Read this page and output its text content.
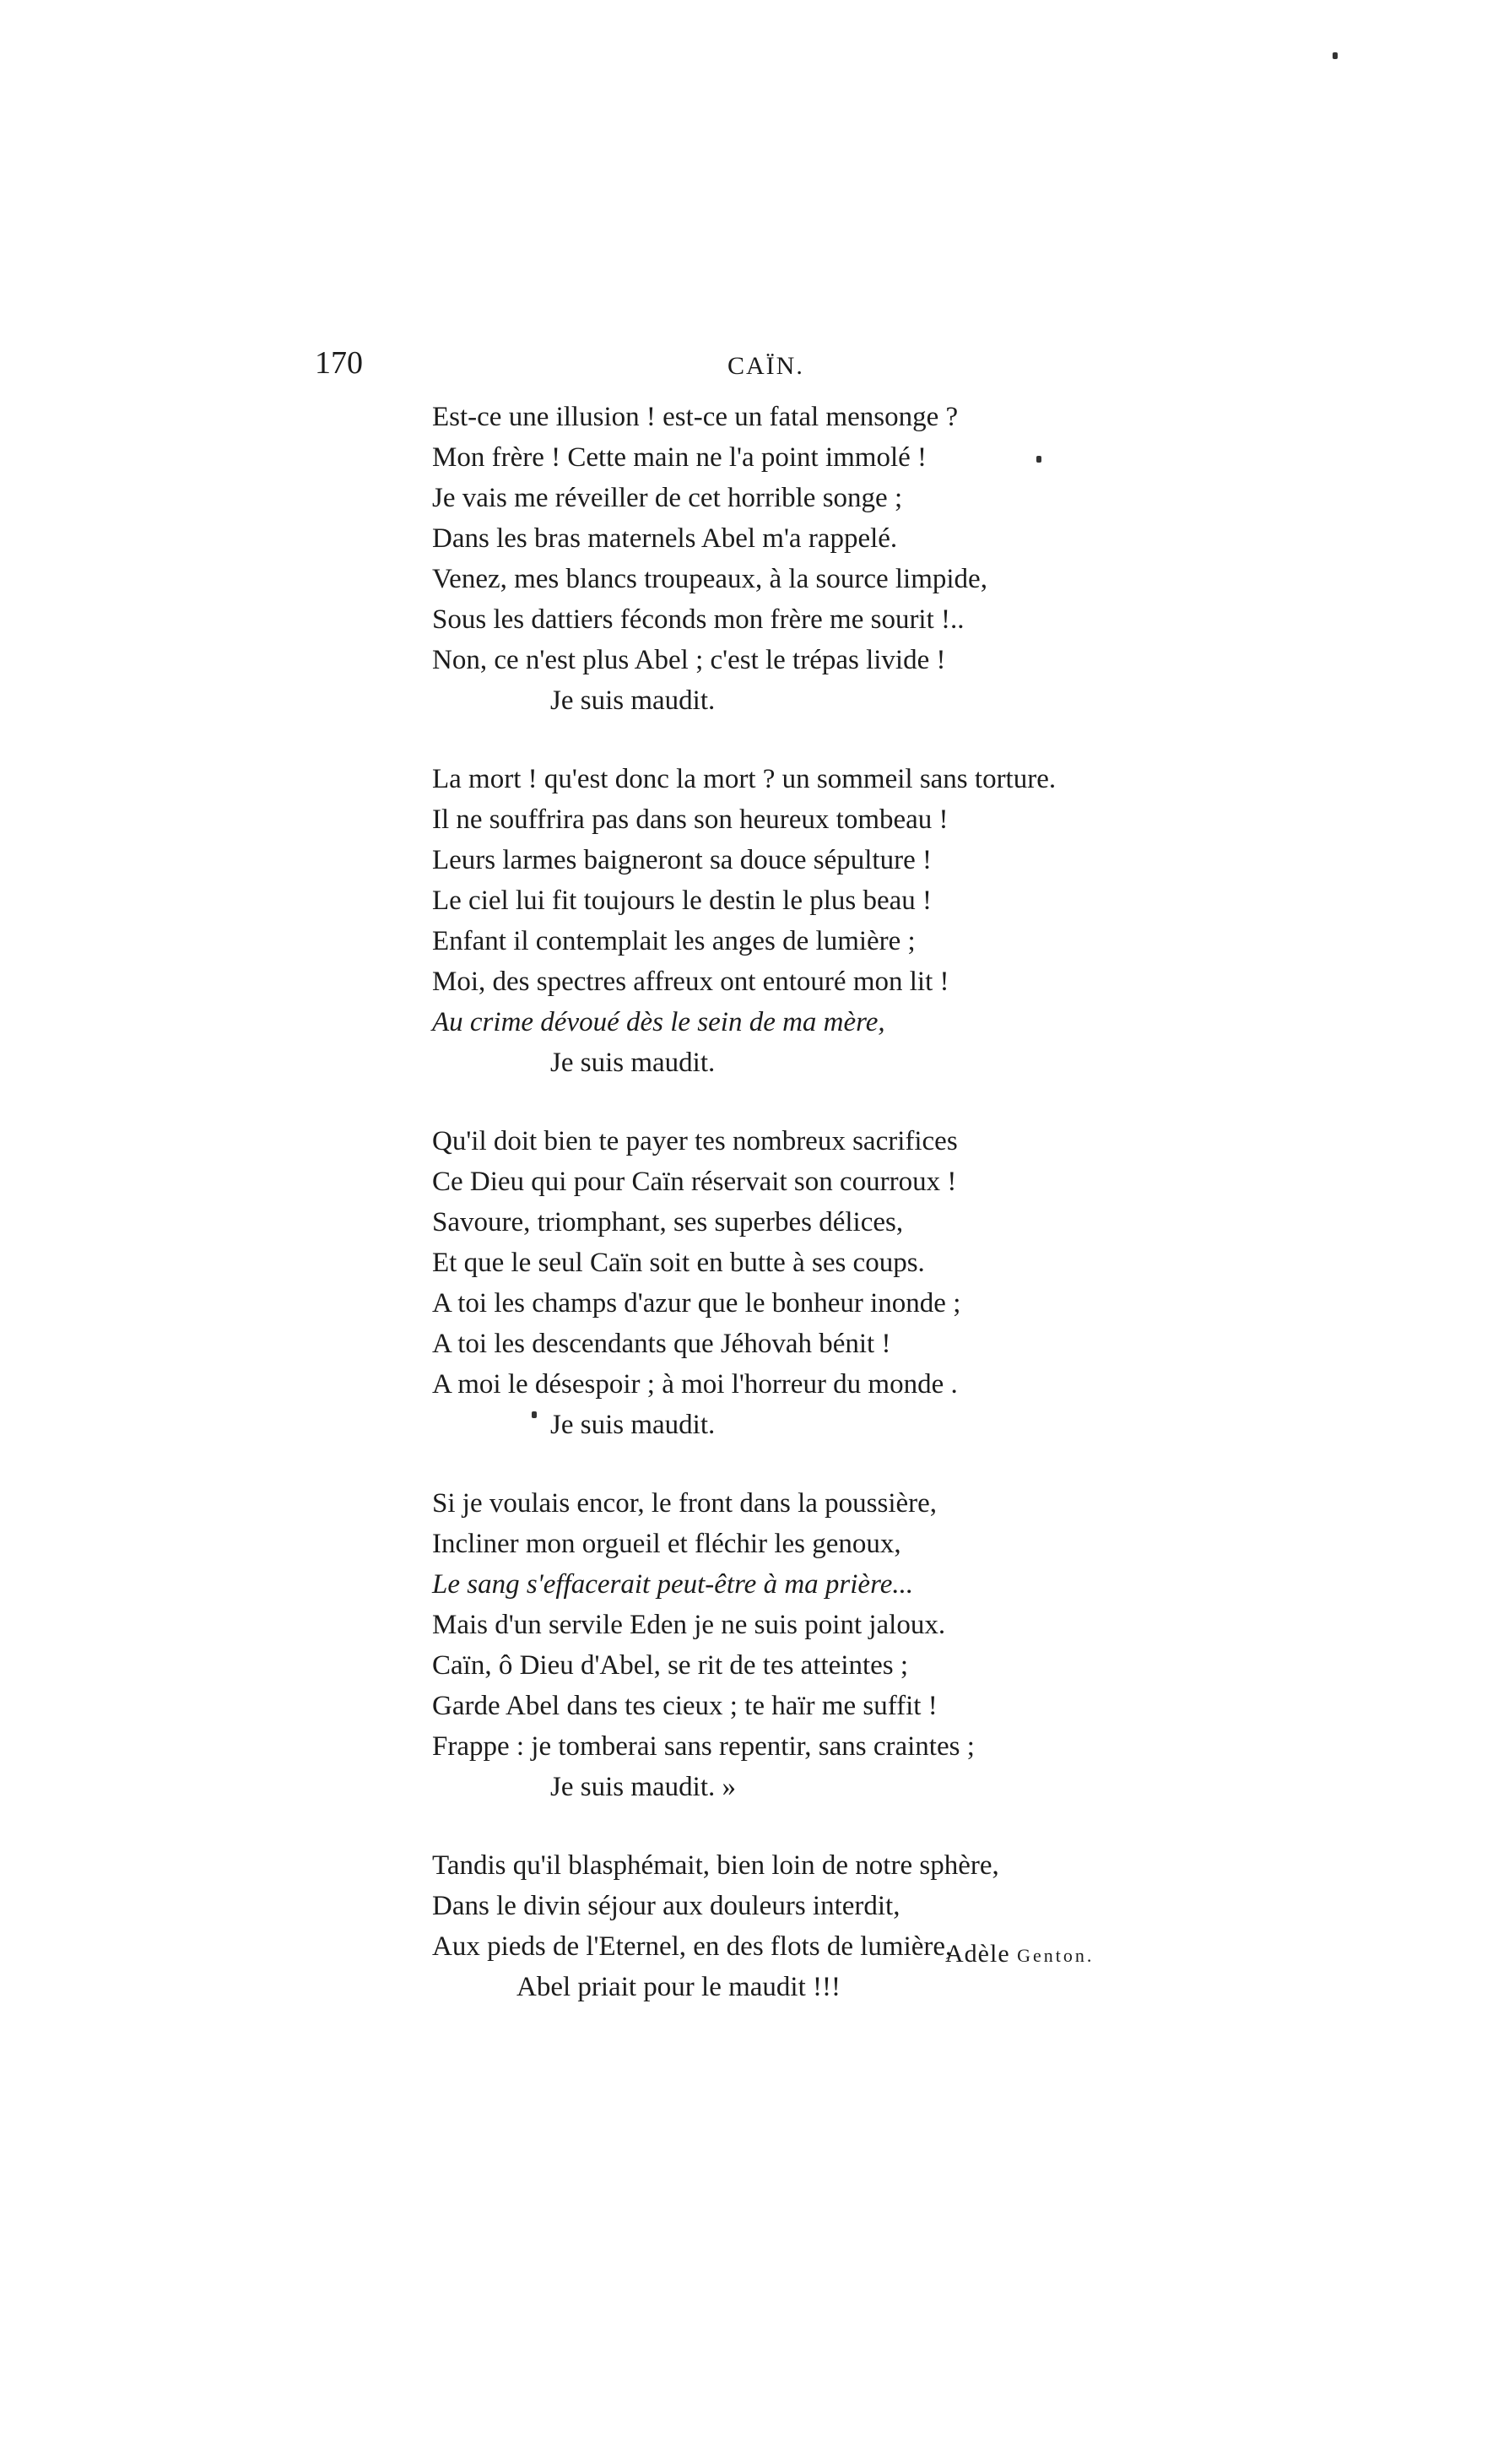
170	CAÏN.
Est-ce une illusion ! est-ce un fatal mensonge ?
Mon frère ! Cette main ne l'a point immolé !
Je vais me réveiller de cet horrible songe ;
Dans les bras maternels Abel m'a rappelé.
Venez, mes blancs troupeaux, à la source limpide,
Sous les dattiers féconds mon frère me sourit !..
Non, ce n'est plus Abel ; c'est le trépas livide !
Je suis maudit.
La mort ! qu'est donc la mort ? un sommeil sans torture.
Il ne souffrira pas dans son heureux tombeau !
Leurs larmes baigneront sa douce sépulture !
Le ciel lui fit toujours le destin le plus beau !
Enfant il contemplait les anges de lumière ;
Moi, des spectres affreux ont entouré mon lit !
Au crime dévoué dès le sein de ma mère,
Je suis maudit.
Qu'il doit bien te payer tes nombreux sacrifices
Ce Dieu qui pour Caïn réservait son courroux !
Savoure, triomphant, ses superbes délices,
Et que le seul Caïn soit en butte à ses coups.
A toi les champs d'azur que le bonheur inonde ;
A toi les descendants que Jéhovah bénit !
A moi le désespoir ; à moi l'horreur du monde .
Je suis maudit.
Si je voulais encor, le front dans la poussière,
Incliner mon orgueil et fléchir les genoux,
Le sang s'effacerait peut-être à ma prière...
Mais d'un servile Eden je ne suis point jaloux.
Caïn, ô Dieu d'Abel, se rit de tes atteintes ;
Garde Abel dans tes cieux ; te haïr me suffit !
Frappe : je tomberai sans repentir, sans craintes ;
Je suis maudit. »
Tandis qu'il blasphémait, bien loin de notre sphère,
Dans le divin séjour aux douleurs interdit,
Aux pieds de l'Eternel, en des flots de lumière,
Abel priait pour le maudit !!!
Adèle Genton.
